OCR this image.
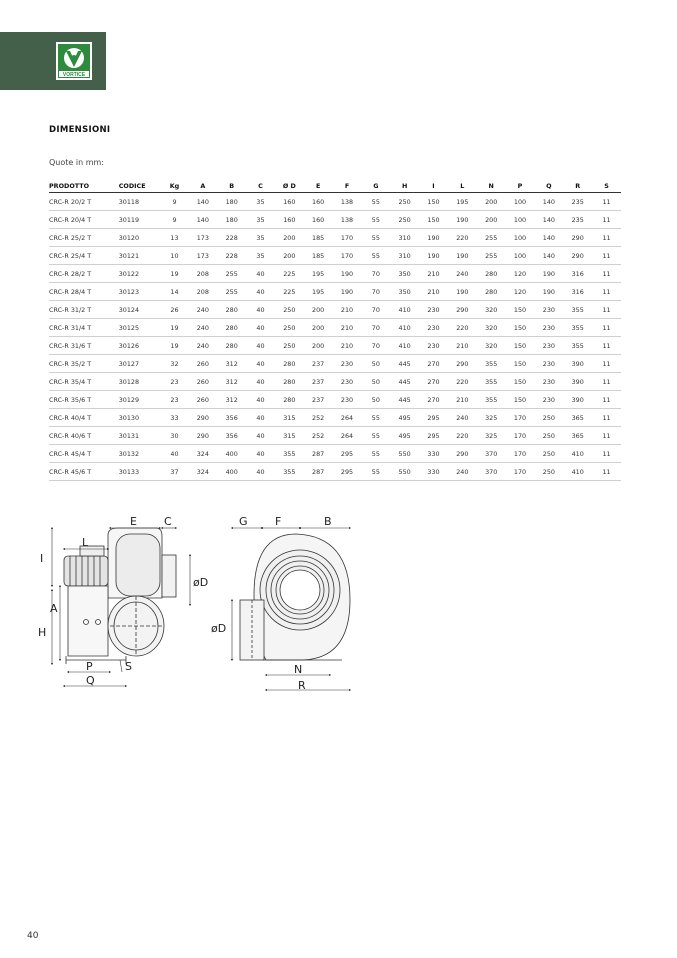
VORTICE
DIMENSIONI
Quote in mm:
PRODOTTO	CODICE	Kg	A	B	C	Ø D	E	F	G	H	I	L	N	P	Q	R	S
CRC-R 20/2 T	30118	9	140	180	35	160	160	138	55	250	150	195	200	100	140	235	11
CRC-R 20/4 T	30119	9	140	180	35	160	160	138	55	250	150	190	200	100	140	235	11
CRC-R 25/2 T	30120	13	173	228	35	200	185	170	55	310	190	220	255	100	140	290	11
CRC-R 25/4 T	30121	10	173	228	35	200	185	170	55	310	190	190	255	100	140	290	11
CRC-R 28/2 T	30122	19	208	255	40	225	195	190	70	350	210	240	280	120	190	316	11
CRC-R 28/4 T	30123	14	208	255	40	225	195	190	70	350	210	190	280	120	190	316	11
CRC-R 31/2 T	30124	26	240	280	40	250	200	210	70	410	230	290	320	150	230	355	11
CRC-R 31/4 T	30125	19	240	280	40	250	200	210	70	410	230	220	320	150	230	355	11
CRC-R 31/6 T	30126	19	240	280	40	250	200	210	70	410	230	210	320	150	230	355	11
CRC-R 35/2 T	30127	32	260	312	40	280	237	230	50	445	270	290	355	150	230	390	11
CRC-R 35/4 T	30128	23	260	312	40	280	237	230	50	445	270	220	355	150	230	390	11
CRC-R 35/6 T	30129	23	260	312	40	280	237	230	50	445	270	210	355	150	230	390	11
CRC-R 40/4 T	30130	33	290	356	40	315	252	264	55	495	295	240	325	170	250	365	11
CRC-R 40/6 T	30131	30	290	356	40	315	252	264	55	495	295	220	325	170	250	365	11
CRC-R 45/4 T	30132	40	324	400	40	355	287	295	55	550	330	290	370	170	250	410	11
CRC-R 45/6 T	30133	37	324	400	40	355	287	295	55	550	330	240	370	170	250	410	11
E C
I
L
øD
A
H
P	S
Q
G F	B
øD
N
R
40
